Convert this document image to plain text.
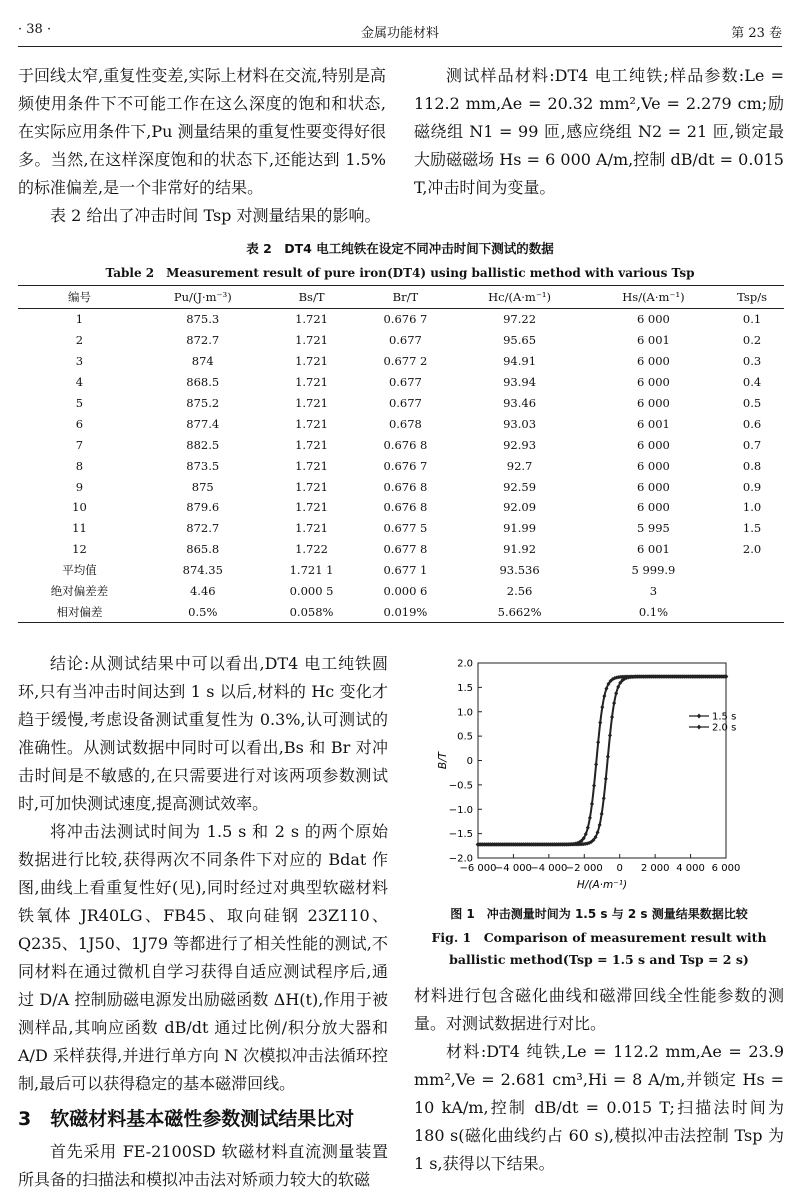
· 38 ·	金属功能材料	第 23 卷

于回线太窄,重复性变差,实际上材料在交流,特别是高频使用条件下不可能工作在这么深度的饱和和状态,在实际应用条件下,Pu 测量结果的重复性要变得好很多。当然,在这样深度饱和的状态下,还能达到 1.5% 的标准偏差,是一个非常好的结果。

表 2 给出了冲击时间 Tsp 对测量结果的影响。

测试样品材料:DT4 电工纯铁;样品参数:Le = 112.2 mm,Ae = 20.32 mm²,Ve = 2.279 cm;励磁绕组 N1 = 99 匝,感应绕组 N2 = 21 匝,锁定最大励磁磁场 Hs = 6 000 A/m,控制 dB/dt = 0.015 T,冲击时间为变量。

表 2　DT4 电工纯铁在设定不同冲击时间下测试的数据
Table 2　Measurement result of pure iron(DT4) using ballistic method with various Tsp
编号	Pu/(J·m⁻³)	Bs/T	Br/T	Hc/(A·m⁻¹)	Hs/(A·m⁻¹)	Tsp/s
1	875.3	1.721	0.676 7	97.22	6 000	0.1
2	872.7	1.721	0.677	95.65	6 001	0.2
3	874	1.721	0.677 2	94.91	6 000	0.3
4	868.5	1.721	0.677	93.94	6 000	0.4
5	875.2	1.721	0.677	93.46	6 000	0.5
6	877.4	1.721	0.678	93.03	6 001	0.6
7	882.5	1.721	0.676 8	92.93	6 000	0.7
8	873.5	1.721	0.676 7	92.7	6 000	0.8
9	875	1.721	0.676 8	92.59	6 000	0.9
10	879.6	1.721	0.676 8	92.09	6 000	1.0
11	872.7	1.721	0.677 5	91.99	5 995	1.5
12	865.8	1.722	0.677 8	91.92	6 001	2.0
平均值	874.35	1.721 1	0.677 1	93.536	5 999.9	
绝对偏差差	4.46	0.000 5	0.000 6	2.56	3	
相对偏差	0.5%	0.058%	0.019%	5.662%	0.1%	

结论:从测试结果中可以看出,DT4 电工纯铁圆环,只有当冲击时间达到 1 s 以后,材料的 Hc 变化才趋于缓慢,考虑设备测试重复性为 0.3%,认可测试的准确性。从测试数据中同时可以看出,Bs 和 Br 对冲击时间是不敏感的,在只需要进行对该两项参数测试时,可加快测试速度,提高测试效率。

将冲击法测试时间为 1.5 s 和 2 s 的两个原始数据进行比较,获得两次不同条件下对应的 Bdat 作图,曲线上看重复性好(见),同时经过对典型软磁材料铁氧体 JR40LG、FB45、取向硅钢 23Z110、Q235、1J50、1J79 等都进行了相关性能的测试,不同材料在通过微机自学习获得自适应测试程序后,通过 D/A 控制励磁电源发出励磁函数 ΔH(t),作用于被测样品,其响应函数 dB/dt 通过比例/积分放大器和 A/D 采样获得,并进行单方向 N 次模拟冲击法循环控制,最后可以获得稳定的基本磁滞回线。

3　软磁材料基本磁性参数测试结果比对

首先采用 FE-2100SD 软磁材料直流测量装置所具备的扫描法和模拟冲击法对矫顽力较大的软磁

−6 000
−4 000
−4 000
−2 000 0 2 000 4 000 6 000
2.0
1.5
1.0
0.5
0
−0.5
−1.0
−1.5
−2.0
H/(A·m⁻¹)
B/T
1.5 s
2.0 s
图 1　冲击测量时间为 1.5 s 与 2 s 测量结果数据比较
Fig. 1　Comparison of measurement result with
ballistic method(Tsp = 1.5 s and Tsp = 2 s)

材料进行包含磁化曲线和磁滞回线全性能参数的测量。对测试数据进行对比。

材料:DT4 纯铁,Le = 112.2 mm,Ae = 23.9 mm²,Ve = 2.681 cm³,Hi = 8 A/m,并锁定 Hs = 10 kA/m,控制 dB/dt = 0.015 T;扫描法时间为 180 s(磁化曲线约占 60 s),模拟冲击法控制 Tsp 为 1 s,获得以下结果。
